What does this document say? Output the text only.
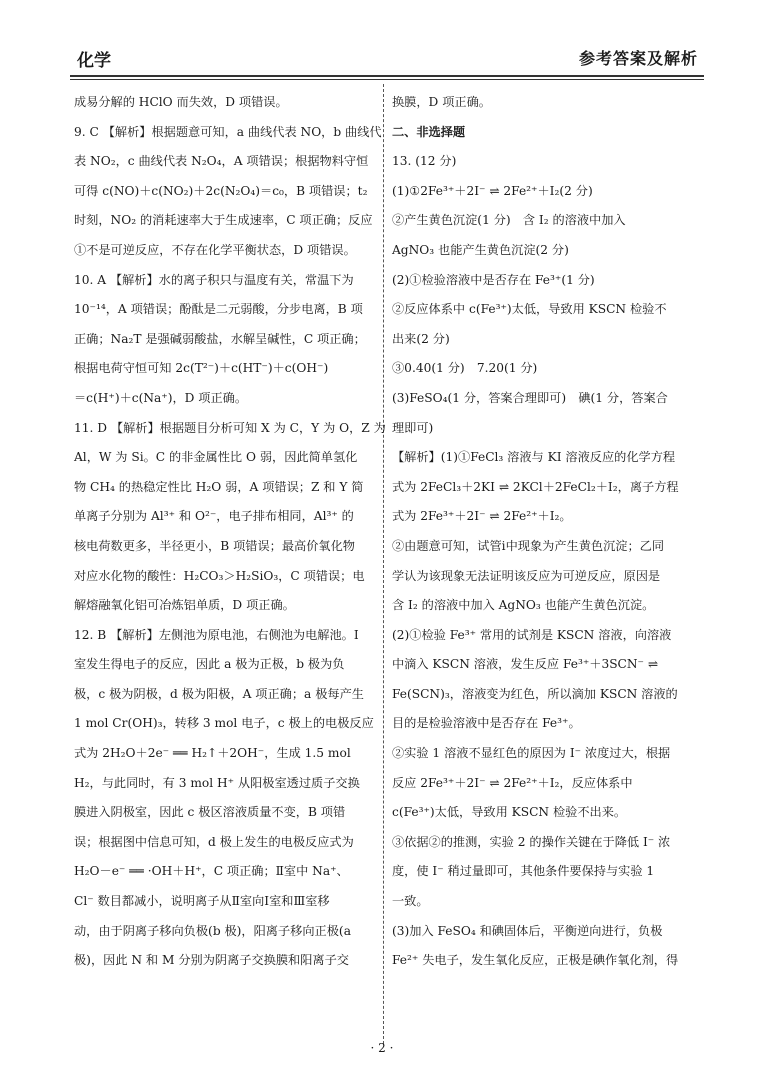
化学	参考答案及解析
成易分解的 HClO 而失效，D 项错误。
9. C 【解析】根据题意可知，a 曲线代表 NO，b 曲线代
表 NO₂，c 曲线代表 N₂O₄，A 项错误；根据物料守恒
可得 c(NO)＋c(NO₂)＋2c(N₂O₄)＝c₀，B 项错误；t₂
时刻，NO₂ 的消耗速率大于生成速率，C 项正确；反应
①不是可逆反应，不存在化学平衡状态，D 项错误。
10. A 【解析】水的离子积只与温度有关，常温下为
10⁻¹⁴，A 项错误；酚酞是二元弱酸，分步电离，B 项
正确；Na₂T 是强碱弱酸盐，水解呈碱性，C 项正确；
根据电荷守恒可知 2c(T²⁻)＋c(HT⁻)＋c(OH⁻)
＝c(H⁺)＋c(Na⁺)，D 项正确。
11. D 【解析】根据题目分析可知 X 为 C，Y 为 O，Z 为
Al，W 为 Si。C 的非金属性比 O 弱，因此简单氢化
物 CH₄ 的热稳定性比 H₂O 弱，A 项错误；Z 和 Y 简
单离子分别为 Al³⁺ 和 O²⁻，电子排布相同，Al³⁺ 的
核电荷数更多，半径更小，B 项错误；最高价氧化物
对应水化物的酸性：H₂CO₃＞H₂SiO₃，C 项错误；电
解熔融氧化铝可冶炼铝单质，D 项正确。
12. B 【解析】左侧池为原电池，右侧池为电解池。Ⅰ
室发生得电子的反应，因此 a 极为正极，b 极为负
极，c 极为阴极，d 极为阳极，A 项正确；a 极每产生
1 mol Cr(OH)₃，转移 3 mol 电子，c 极上的电极反应
式为 2H₂O＋2e⁻ ══ H₂↑＋2OH⁻，生成 1.5 mol
H₂，与此同时，有 3 mol H⁺ 从阳极室透过质子交换
膜进入阴极室，因此 c 极区溶液质量不变，B 项错
误；根据图中信息可知，d 极上发生的电极反应式为
H₂O－e⁻ ══ ·OH＋H⁺，C 项正确；Ⅱ室中 Na⁺、
Cl⁻ 数目都减小，说明离子从Ⅱ室向Ⅰ室和Ⅲ室移
动，由于阴离子移向负极(b 极)，阳离子移向正极(a
极)，因此 N 和 M 分别为阴离子交换膜和阳离子交
换膜，D 项正确。
二、非选择题
13. (12 分)
(1)①2Fe³⁺＋2I⁻ ⇌ 2Fe²⁺＋I₂(2 分)
②产生黄色沉淀(1 分)　含 I₂ 的溶液中加入
AgNO₃ 也能产生黄色沉淀(2 分)
(2)①检验溶液中是否存在 Fe³⁺(1 分)
②反应体系中 c(Fe³⁺)太低，导致用 KSCN 检验不
出来(2 分)
③0.40(1 分)　7.20(1 分)
(3)FeSO₄(1 分，答案合理即可)　碘(1 分，答案合
理即可)
【解析】(1)①FeCl₃ 溶液与 KI 溶液反应的化学方程
式为 2FeCl₃＋2KI ⇌ 2KCl＋2FeCl₂＋I₂，离子方程
式为 2Fe³⁺＋2I⁻ ⇌ 2Fe²⁺＋I₂。
②由题意可知，试管ⅰ中现象为产生黄色沉淀；乙同
学认为该现象无法证明该反应为可逆反应，原因是
含 I₂ 的溶液中加入 AgNO₃ 也能产生黄色沉淀。
(2)①检验 Fe³⁺ 常用的试剂是 KSCN 溶液，向溶液
中滴入 KSCN 溶液，发生反应 Fe³⁺＋3SCN⁻ ⇌
Fe(SCN)₃，溶液变为红色，所以滴加 KSCN 溶液的
目的是检验溶液中是否存在 Fe³⁺。
②实验 1 溶液不显红色的原因为 I⁻ 浓度过大，根据
反应 2Fe³⁺＋2I⁻ ⇌ 2Fe²⁺＋I₂，反应体系中
c(Fe³⁺)太低，导致用 KSCN 检验不出来。
③依据②的推测，实验 2 的操作关键在于降低 I⁻ 浓
度，使 I⁻ 稍过量即可，其他条件要保持与实验 1
一致。
(3)加入 FeSO₄ 和碘固体后，平衡逆向进行，负极
Fe²⁺ 失电子，发生氧化反应，正极是碘作氧化剂，得
· 2 ·
